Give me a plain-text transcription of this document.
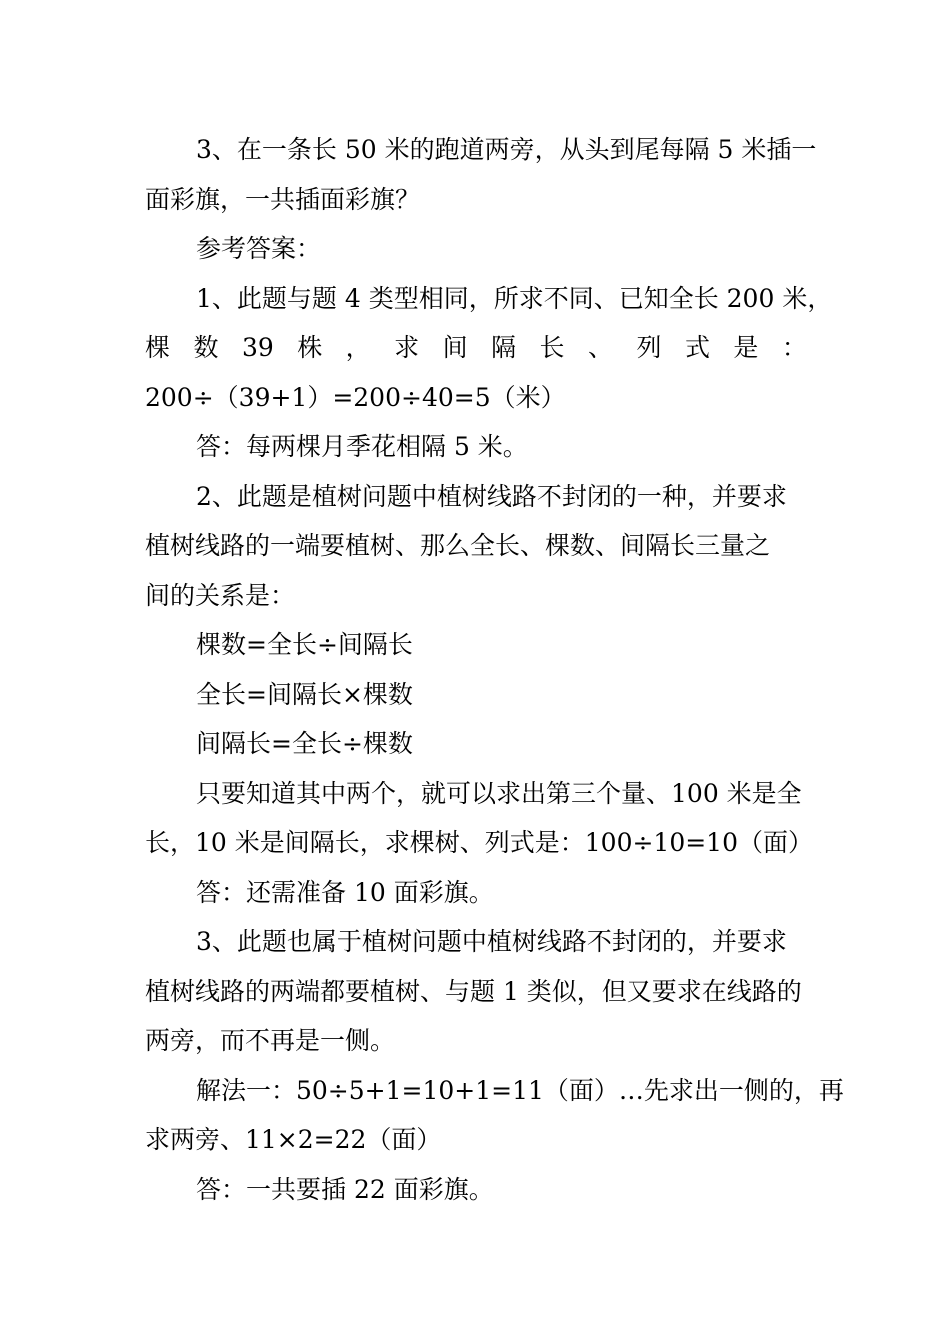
3、在一条长 50 米的跑道两旁，从头到尾每隔 5 米插一

面彩旗，一共插面彩旗？

参考答案：

1、此题与题 4 类型相同，所求不同、已知全长 200 米，

棵 数 39 株 ， 求 间 隔 长 、 列 式 是 ：

200÷（39+1）=200÷40=5（米）

答：每两棵月季花相隔 5 米。

2、此题是植树问题中植树线路不封闭的一种，并要求

植树线路的一端要植树、那么全长、棵数、间隔长三量之

间的关系是：

棵数=全长÷间隔长

全长=间隔长×棵数

间隔长=全长÷棵数

只要知道其中两个，就可以求出第三个量、100 米是全

长，10 米是间隔长，求棵树、列式是：100÷10=10（面）

答：还需准备 10 面彩旗。

3、此题也属于植树问题中植树线路不封闭的，并要求

植树线路的两端都要植树、与题 1 类似，但又要求在线路的

两旁，而不再是一侧。

解法一：50÷5+1=10+1=11（面）…先求出一侧的，再

求两旁、11×2=22（面）

答：一共要插 22 面彩旗。
